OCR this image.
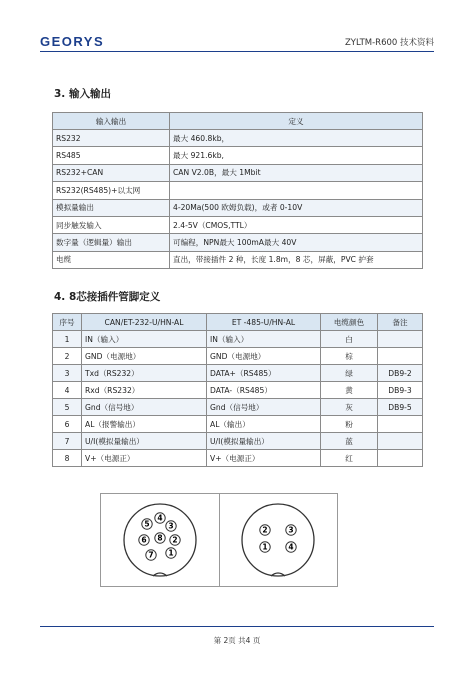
GEORYS	ZYLTM-R600 技术资料
3. 输入输出
输入输出	定义
RS232	最大 460.8kb，
RS485	最大 921.6kb,
RS232+CAN	CAN V2.0B，最大 1Mbit
RS232(RS485)+以太网	
模拟量输出	4-20Ma(500 欧姆负载)，或者 0-10V
同步触发输入	2.4-5V（CMOS,TTL）
数字量（逻辑量）输出	可编程，NPN最大 100mA最大 40V
电缆	直出，带接插件 2 种，长度 1.8m，8 芯，屏蔽，PVC 护套
4. 8芯接插件管脚定义
序号	CAN/ET-232-U/HN-AL	ET -485-U/HN-AL	电缆颜色	备注
1	IN（输入）	IN（输入）	白	
2	GND（电源地）	GND（电源地）	棕	
3	Txd（RS232）	DATA+（RS485）	绿	DB9-2
4	Rxd（RS232）	DATA-（RS485）	黄	DB9-3
5	Gnd（信号地）	Gnd（信号地）	灰	DB9-5
6	AL（报警输出）	AL（输出）	粉	
7	U/I(模拟量输出）	U/I(模拟量输出）	蓝	
8	V+（电源正）	V+（电源正）	红	
1
2
3
4
5
6
7
8
1
2	3
4
第 2页 共4 页
